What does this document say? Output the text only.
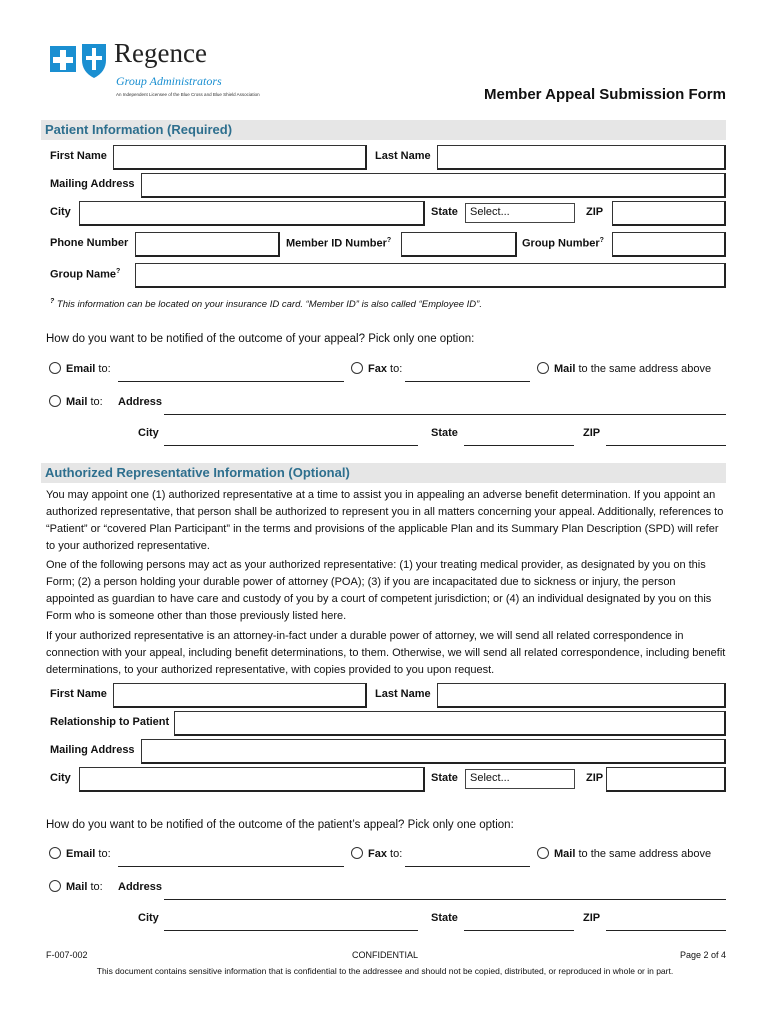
Regence
Group Administrators
An Independent Licensee of the Blue Cross and Blue Shield Association	Member Appeal Submission Form
Patient Information (Required)
First Name	Last Name
Mailing Address
City	State	Select...	ZIP
Phone Number	Member ID Number?	Group Number?
Group Name?
? This information can be located on your insurance ID card. “Member ID” is also called “Employee ID”.
How do you want to be notified of the outcome of your appeal? Pick only one option:
Email to:	Fax to:	Mail to the same address above
Mail to: Address
City	State	ZIP
Authorized Representative Information (Optional)
You may appoint one (1) authorized representative at a time to assist you in appealing an adverse benefit determination. If you appoint an authorized representative, that person shall be authorized to represent you in all matters concerning your appeal. Additionally, references to “Patient” or “covered Plan Participant” in the terms and provisions of the applicable Plan and its Summary Plan Description (SPD) will refer to your authorized representative.
One of the following persons may act as your authorized representative: (1) your treating medical provider, as designated by you on this Form; (2) a person holding your durable power of attorney (POA); (3) if you are incapacitated due to sickness or injury, the person appointed as guardian to have care and custody of you by a court of competent jurisdiction; or (4) an individual designated by you on this Form who is someone other than those previously listed here.
If your authorized representative is an attorney-in-fact under a durable power of attorney, we will send all related correspondence in connection with your appeal, including benefit determinations, to them. Otherwise, we will send all related correspondence, including benefit determinations, to your authorized representative, with copies provided to you upon request.
First Name	Last Name
Relationship to Patient
Mailing Address
City	State	Select...	ZIP
How do you want to be notified of the outcome of the patient’s appeal? Pick only one option:
Email to:	Fax to:	Mail to the same address above
Mail to: Address
City	State	ZIP
F-007-002	CONFIDENTIAL	Page 2 of 4
This document contains sensitive information that is confidential to the addressee and should not be copied, distributed, or reproduced in whole or in part.
